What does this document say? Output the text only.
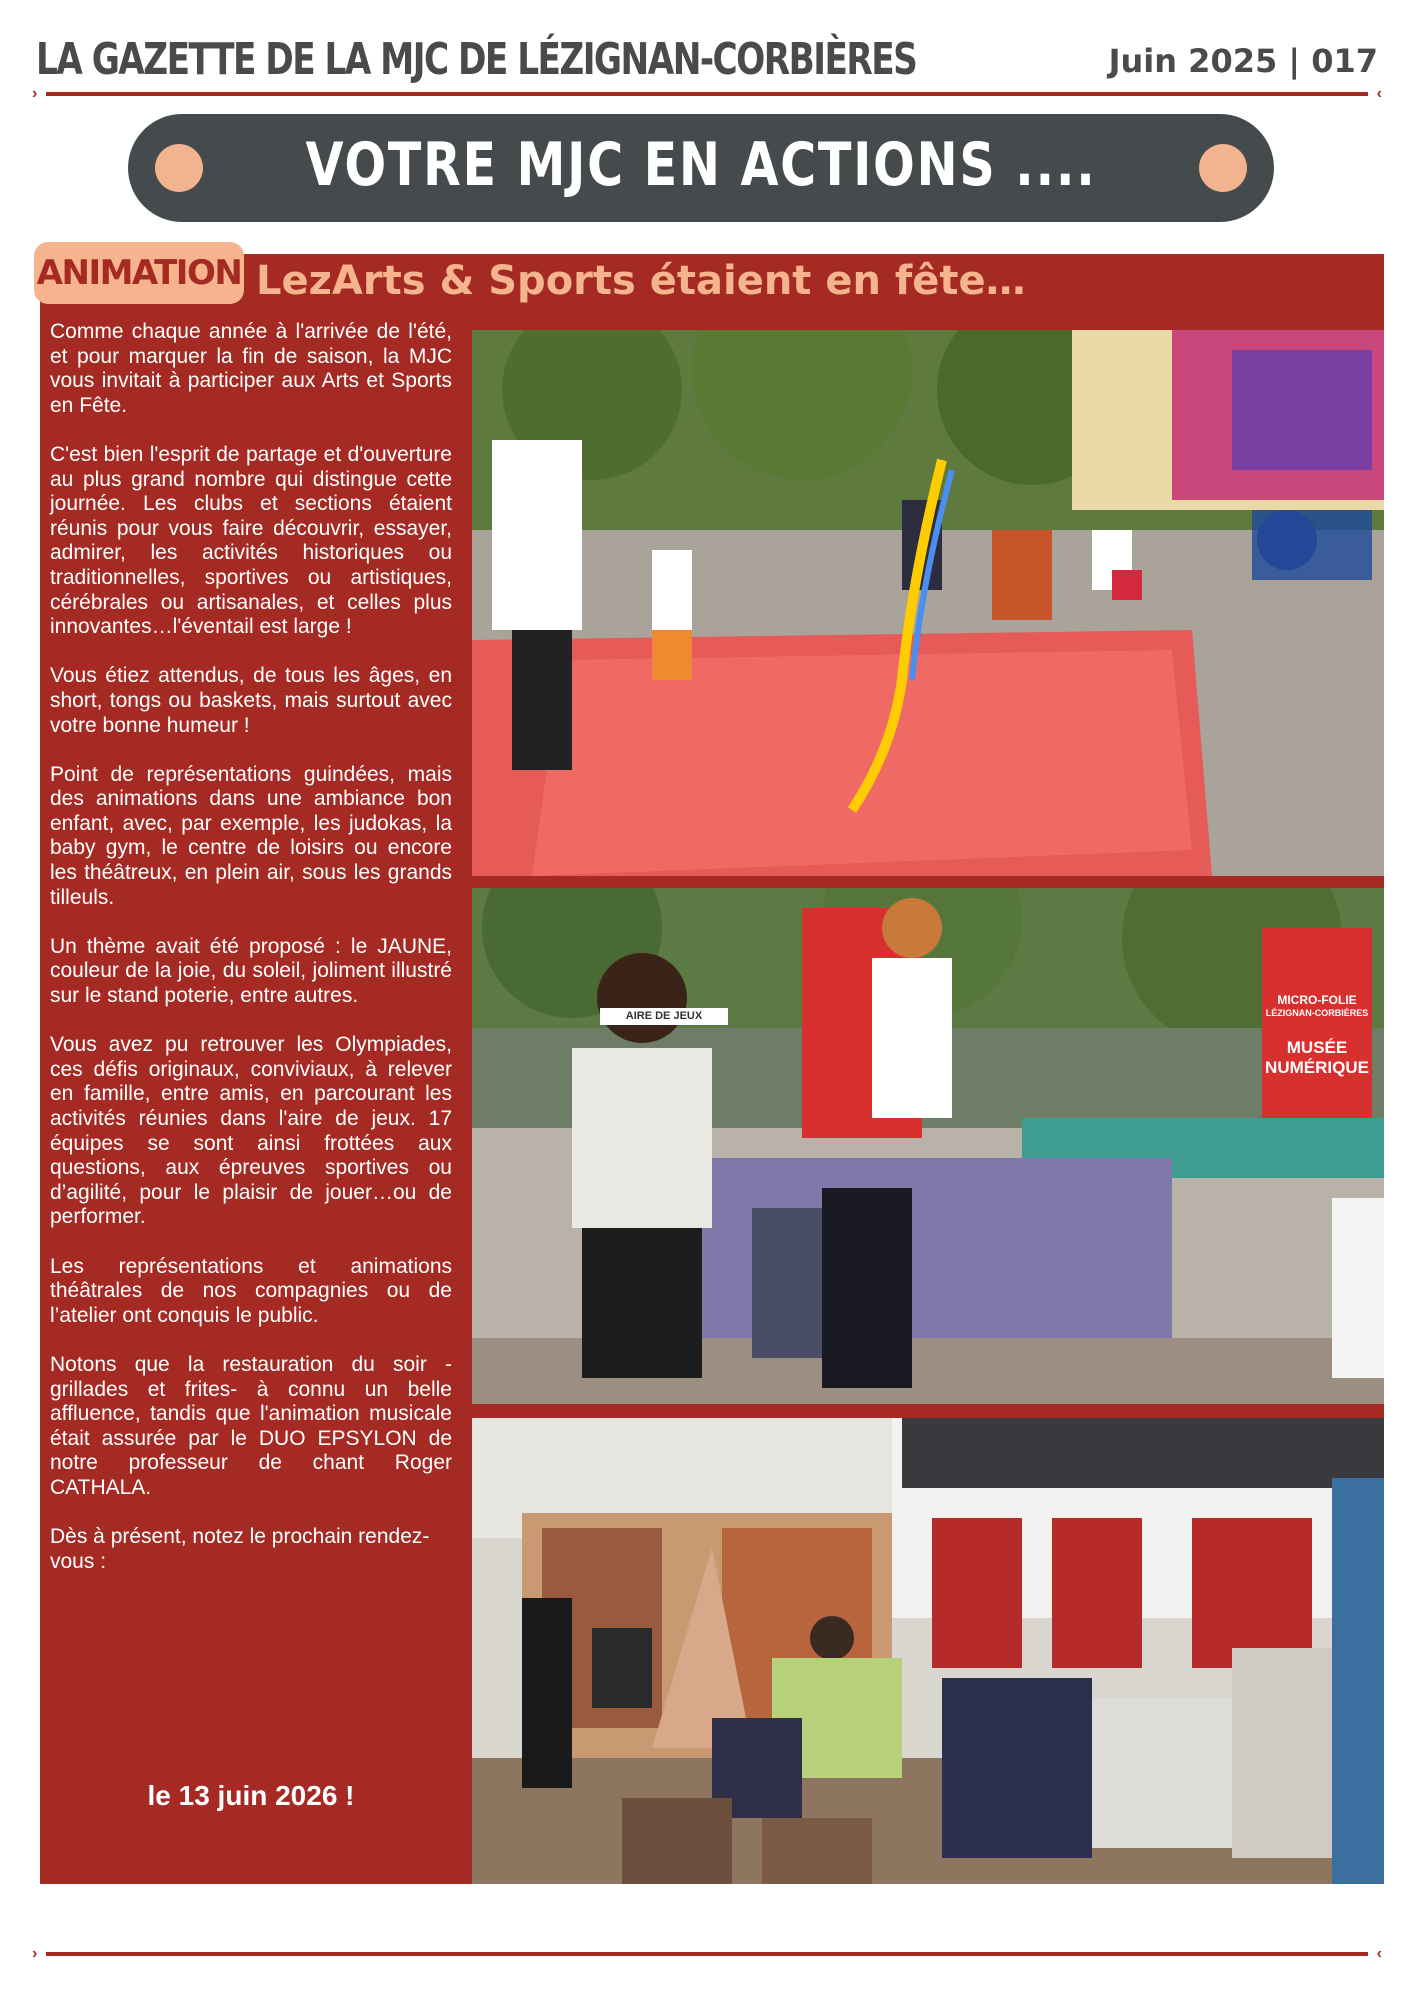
LA GAZETTE DE LA MJC DE LÉZIGNAN-CORBIÈRES	Juin 2025 | 017
›	‹
VOTRE MJC EN ACTIONS ....
ANIMATION LezArts & Sports étaient en fête…

Comme chaque année à l'arrivée de l'été, et pour marquer la fin de saison, la MJC vous invitait à participer aux Arts et Sports en Fête.

C'est bien l'esprit de partage et d'ouverture au plus grand nombre qui distingue cette journée. Les clubs et sections étaient réunis pour vous faire découvrir, essayer, admirer, les activités historiques ou traditionnelles, sportives ou artistiques, cérébrales ou artisanales, et celles plus innovantes…l'éventail est large !

Vous étiez attendus, de tous les âges, en short, tongs ou baskets, mais surtout avec votre bonne humeur !

Point de représentations guindées, mais des animations dans une ambiance bon enfant, avec, par exemple, les judokas, la baby gym, le centre de loisirs ou encore les théâtreux, en plein air, sous les grands tilleuls.

Un thème avait été proposé : le JAUNE, couleur de la joie, du soleil, joliment illustré sur le stand poterie, entre autres.

Vous avez pu retrouver les Olympiades, ces défis originaux, conviviaux, à relever en famille, entre amis, en parcourant les activités réunies dans l'aire de jeux. 17 équipes se sont ainsi frottées aux questions, aux épreuves sportives ou d’agilité, pour le plaisir de jouer…ou de performer.

Les représentations et animations théâtrales de nos compagnies ou de l’atelier ont conquis le public.

Notons que la restauration du soir - grillades et frites- à connu un belle affluence, tandis que l'animation musicale était assurée par le DUO EPSYLON de notre professeur de chant Roger CATHALA.

Dès à présent, notez le prochain rendez-vous :

le 13 juin 2026 !
AIRE DE JEUX
MICRO-FOLIE
LÉZIGNAN-CORBIÈRES
MUSÉE NUMÉRIQUE
›	‹
